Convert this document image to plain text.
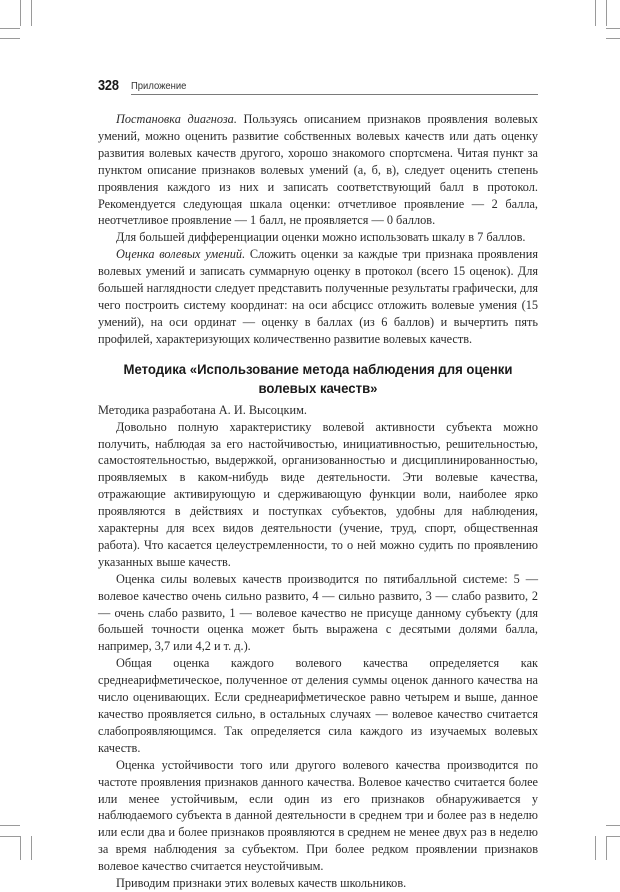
328 Приложение

Постановка диагноза. Пользуясь описанием признаков проявления волевых умений, можно оценить развитие собственных волевых качеств или дать оценку развития волевых качеств другого, хорошо знакомого спортсмена. Читая пункт за пунктом описание признаков волевых умений (а, б, в), следует оценить степень проявления каждого из них и записать соответствующий балл в протокол. Рекомендуется следующая шкала оценки: отчетливое проявление — 2 балла, неотчетливое проявление — 1 балл, не проявляется — 0 баллов.

Для большей дифференциации оценки можно использовать шкалу в 7 баллов.

Оценка волевых умений. Сложить оценки за каждые три признака проявления волевых умений и записать суммарную оценку в протокол (всего 15 оценок). Для большей наглядности следует представить полученные результаты графически, для чего построить систему координат: на оси абсцисс отложить волевые умения (15 умений), на оси ординат — оценку в баллах (из 6 баллов) и вычертить пять профилей, характеризующих количественно развитие волевых качеств.

Методика «Использование метода наблюдения для оценки волевых качеств»

Методика разработана А. И. Высоцким.

Довольно полную характеристику волевой активности субъекта можно получить, наблюдая за его настойчивостью, инициативностью, решительностью, самостоятельностью, выдержкой, организованностью и дисциплинированностью, проявляемых в каком-нибудь виде деятельности. Эти волевые качества, отражающие активирующую и сдерживающую функции воли, наиболее ярко проявляются в действиях и поступках субъектов, удобны для наблюдения, характерны для всех видов деятельности (учение, труд, спорт, общественная работа). Что касается целеустремленности, то о ней можно судить по проявлению указанных выше качеств.

Оценка силы волевых качеств производится по пятибалльной системе: 5 — волевое качество очень сильно развито, 4 — сильно развито, 3 — слабо развито, 2 — очень слабо развито, 1 — волевое качество не присуще данному субъекту (для большей точности оценка может быть выражена с десятыми долями балла, например, 3,7 или 4,2 и т. д.).

Общая оценка каждого волевого качества определяется как среднеарифметическое, полученное от деления суммы оценок данного качества на число оценивающих. Если среднеарифметическое равно четырем и выше, данное качество проявляется сильно, в остальных случаях — волевое качество считается слабопроявляющимся. Так определяется сила каждого из изучаемых волевых качеств.

Оценка устойчивости того или другого волевого качества производится по частоте проявления признаков данного качества. Волевое качество считается более или менее устойчивым, если один из его признаков обнаруживается у наблюдаемого субъекта в данной деятельности в среднем три и более раз в неделю или если два и более признаков проявляются в среднем не менее двух раз в неделю за время наблюдения за субъектом. При более редком проявлении признаков волевое качество считается неустойчивым.

Приводим признаки этих волевых качеств школьников.
